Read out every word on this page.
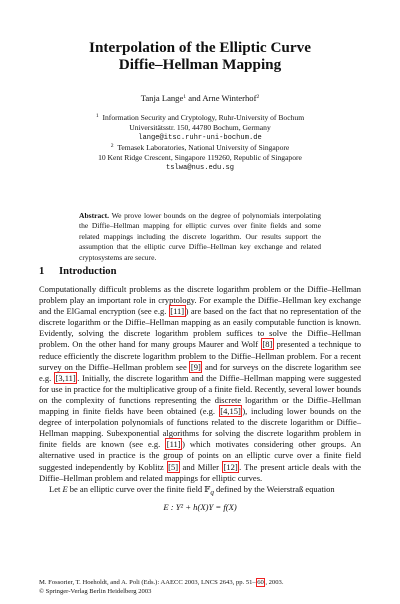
Interpolation of the Elliptic Curve
Diffie–Hellman Mapping
Tanja Lange$^1$ and Arne Winterhof$^2$
$^1$ Information Security and Cryptology, Ruhr-University of Bochum
Universitätsstr. 150, 44780 Bochum, Germany
lange@itsc.ruhr-uni-bochum.de
$^2$ Temasek Laboratories, National University of Singapore
10 Kent Ridge Crescent, Singapore 119260, Republic of Singapore
tslwa@nus.edu.sg
Abstract. We prove lower bounds on the degree of polynomials interpolating the Diffie–Hellman mapping for elliptic curves over finite fields and some related mappings including the discrete logarithm. Our results support the assumption that the elliptic curve Diffie–Hellman key exchange and related cryptosystems are secure.
1 Introduction

Computationally difficult problems as the discrete logarithm problem or the Diffie–Hellman problem play an important role in cryptology. For example the Diffie–Hellman key exchange and the ElGamal encryption (see e.g. [11] ) are based on the fact that no representation of the discrete logarithm or the Diffie–Hellman mapping as an easily computable function is known. Evidently, solving the discrete logarithm problem suffices to solve the Diffie–Hellman problem. On the other hand for many groups Maurer and Wolf [8] presented a technique to reduce efficiently the discrete logarithm problem to the Diffie–Hellman problem. For a recent survey on the Diffie–Hellman problem see [9] and for surveys on the discrete logarithm see e.g. [3,11] . Initially, the discrete logarithm and the Diffie–Hellman mapping were suggested for use in practice for the multiplicative group of a finite field. Recently, several lower bounds on the complexity of functions representing the discrete logarithm or the Diffie–Hellman mapping in finite fields have been obtained (e.g. [4,15] ), including lower bounds on the degree of interpolation polynomials of functions related to the discrete logarithm or Diffie–Hellman mapping. Subexponential algorithms for solving the discrete logarithm problem in finite fields are known (see e.g. [11] ) which motivates considering other groups. An alternative used in practice is the group of points on an elliptic curve over a finite field suggested independently by Koblitz [5] and Miller [12] . The present article deals with the Diffie–Hellman problem and related mappings for elliptic curves.

Let E be an elliptic curve over the finite field 𝔽$_q$ defined by the Weierstraß equation

E : Y² + h(X)Y = f(X)
M. Fossorier, T. Hoeholdt, and A. Poli (Eds.): AAECC 2003, LNCS 2643, pp. 51– 60 , 2003.
© Springer-Verlag Berlin Heidelberg 2003
